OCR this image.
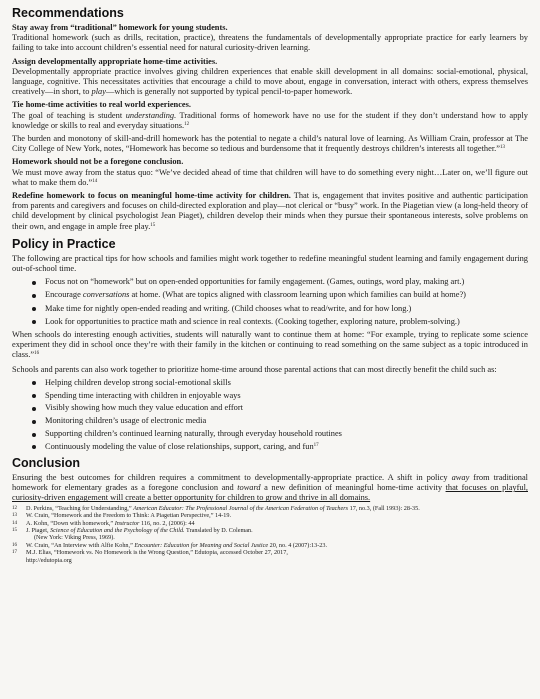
Recommendations
Stay away from “traditional” homework for young students.

Traditional homework (such as drills, recitation, practice), threatens the fundamentals of developmentally appropriate practice for early learners by failing to take into account children’s essential need for natural curiosity-driven learning.

Assign developmentally appropriate home-time activities.

Developmentally appropriate practice involves giving children experiences that enable skill development in all domains: social-emotional, physical, language, cognitive. This necessitates activities that encourage a child to move about, engage in conversation, interact with others, express themselves creatively—in short, to play—which is generally not supported by typical pencil-to-paper homework.

Tie home-time activities to real world experiences.

The goal of teaching is student understanding. Traditional forms of homework have no use for the student if they don’t understand how to apply knowledge or skills to real and everyday situations.$^{12}$

The burden and monotony of skill-and-drill homework has the potential to negate a child’s natural love of learning. As William Crain, professor at The City College of New York, notes, “Homework has become so tedious and burdensome that it frequently destroys children’s interests all together.”$^{13}$

Homework should not be a foregone conclusion.

We must move away from the status quo: “We’ve decided ahead of time that children will have to do something every night…Later on, we’ll figure out what to make them do.”$^{14}$

Redefine homework to focus on meaningful home-time activity for children. That is, engagement that invites positive and authentic participation from parents and caregivers and focuses on child-directed exploration and play—not clerical or “busy” work. In the Piagetian view (a long-held theory of child development by clinical psychologist Jean Piaget), children develop their minds when they pursue their spontaneous interests, solve problems on their own, and engage in ample free play.$^{15}$

Policy in Practice

The following are practical tips for how schools and families might work together to redefine meaningful student learning and family engagement during out-of-school time.

Focus not on “homework” but on open-ended opportunities for family engagement. (Games, outings, word play, making art.)
Encourage conversations at home. (What are topics aligned with classroom learning upon which families can build at home?)
Make time for nightly open-ended reading and writing. (Child chooses what to read/write, and for how long.)
Look for opportunities to practice math and science in real contexts. (Cooking together, exploring nature, problem-solving.)

When schools do interesting enough activities, students will naturally want to continue them at home: “For example, trying to replicate some science experiment they did in school once they’re with their family in the kitchen or continuing to read something on the same subject as a topic introduced in class.”$^{16}$

Schools and parents can also work together to prioritize home-time around those parental actions that can most directly benefit the child such as:

Helping children develop strong social-emotional skills
Spending time interacting with children in enjoyable ways
Visibly showing how much they value education and effort
Monitoring children’s usage of electronic media
Supporting children’s continued learning naturally, through everyday household routines
Continuously modeling the value of close relationships, support, caring, and fun$^{17}$
Conclusion

Ensuring the best outcomes for children requires a commitment to developmentally-appropriate practice. A shift in policy away from traditional homework for elementary grades as a foregone conclusion and toward a new definition of meaningful home-time activity that focuses on playful, curiosity-driven engagement will create a better opportunity for children to grow and thrive in all domains.

12 D. Perkins, “Teaching for Understanding,” American Educator: The Professional Journal of the American Federation of Teachers 17, no.3, (Fall 1993): 28-35.
13 W. Crain, “Homework and the Freedom to Think: A Piagetian Perspective,” 14-19.
14 A. Kohn, “Down with homework,” Instructor 116, no. 2, (2006): 44
15 J. Piaget, Science of Education and the Psychology of the Child. Translated by D. Coleman.
(New York: Viking Press, 1969).
16 W. Crain, “An Interview with Alfie Kohn,” Encounter: Education for Meaning and Social Justice 20, no. 4 (2007):13-23.
17 M.J. Elias, “Homework vs. No Homework is the Wrong Question,” Edutopia, accessed October 27, 2017,
http://edutopia.org
